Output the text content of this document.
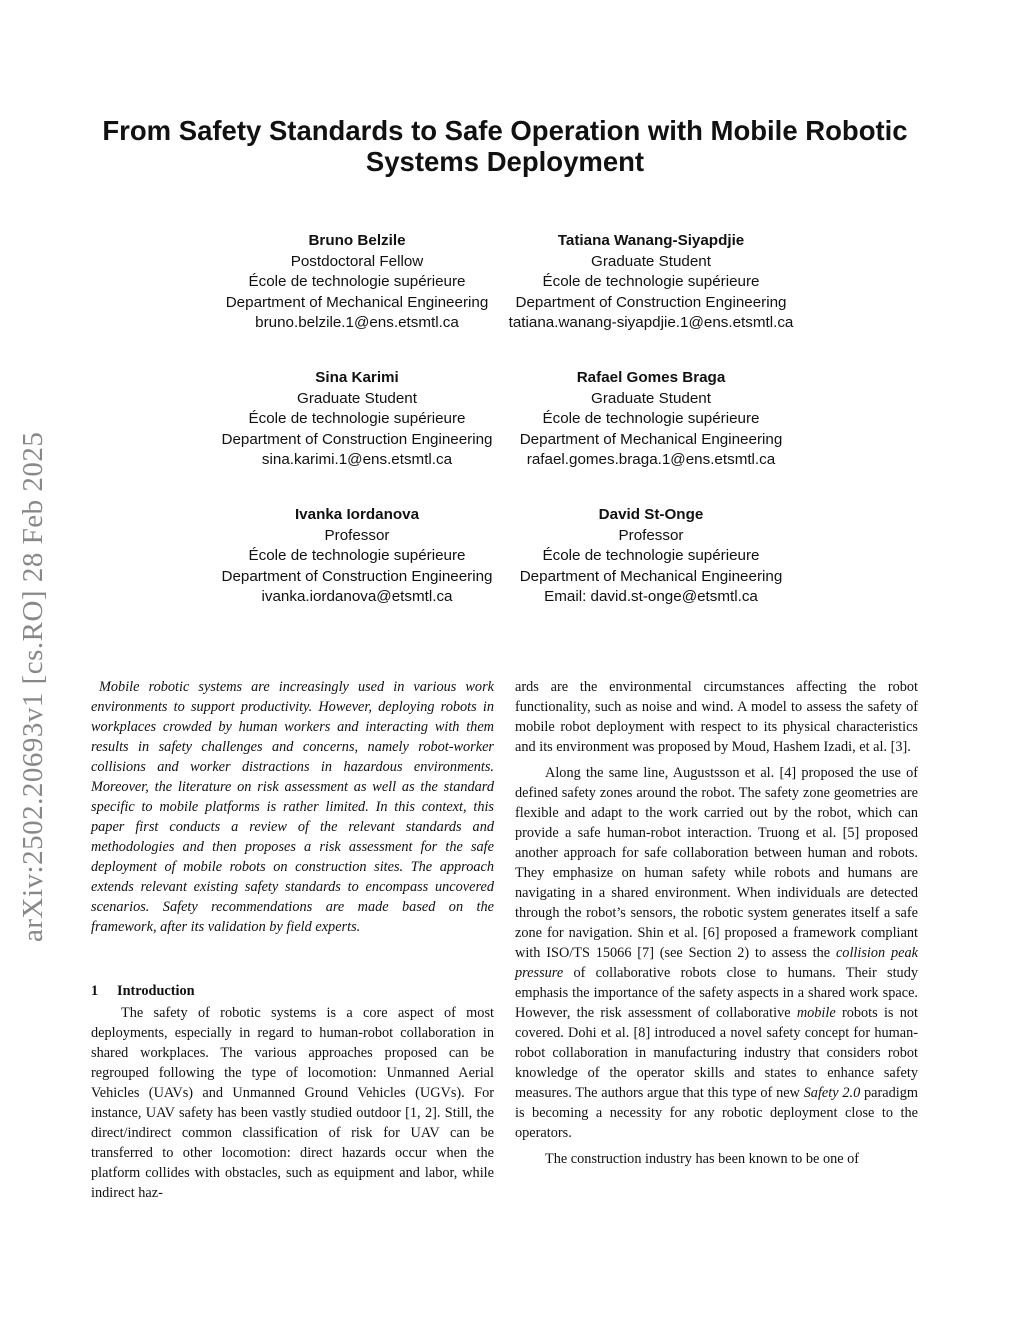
arXiv:2502.20693v1 [cs.RO] 28 Feb 2025
From Safety Standards to Safe Operation with Mobile Robotic Systems Deployment
Bruno Belzile
Postdoctoral Fellow
École de technologie supérieure
Department of Mechanical Engineering
bruno.belzile.1@ens.etsmtl.ca
Tatiana Wanang-Siyapdjie
Graduate Student
École de technologie supérieure
Department of Construction Engineering
tatiana.wanang-siyapdjie.1@ens.etsmtl.ca
Sina Karimi
Graduate Student
École de technologie supérieure
Department of Construction Engineering
sina.karimi.1@ens.etsmtl.ca
Rafael Gomes Braga
Graduate Student
École de technologie supérieure
Department of Mechanical Engineering
rafael.gomes.braga.1@ens.etsmtl.ca
Ivanka Iordanova
Professor
École de technologie supérieure
Department of Construction Engineering
ivanka.iordanova@etsmtl.ca
David St-Onge
Professor
École de technologie supérieure
Department of Mechanical Engineering
Email: david.st-onge@etsmtl.ca

Mobile robotic systems are increasingly used in various work environments to support productivity. However, deploying robots in workplaces crowded by human workers and interacting with them results in safety challenges and concerns, namely robot-worker collisions and worker distractions in hazardous environments. Moreover, the literature on risk assessment as well as the standard specific to mobile platforms is rather limited. In this context, this paper first conducts a review of the relevant standards and methodologies and then proposes a risk assessment for the safe deployment of mobile robots on construction sites. The approach extends relevant existing safety standards to encompass uncovered scenarios. Safety recommendations are made based on the framework, after its validation by field experts.

1 Introduction

The safety of robotic systems is a core aspect of most deployments, especially in regard to human-robot collaboration in shared workplaces. The various approaches proposed can be regrouped following the type of locomotion: Unmanned Aerial Vehicles (UAVs) and Unmanned Ground Vehicles (UGVs). For instance, UAV safety has been vastly studied outdoor [1, 2]. Still, the direct/indirect common classification of risk for UAV can be transferred to other locomotion: direct hazards occur when the platform collides with obstacles, such as equipment and labor, while indirect haz-

ards are the environmental circumstances affecting the robot functionality, such as noise and wind. A model to assess the safety of mobile robot deployment with respect to its physical characteristics and its environment was proposed by Moud, Hashem Izadi, et al. [3].

Along the same line, Augustsson et al. [4] proposed the use of defined safety zones around the robot. The safety zone geometries are flexible and adapt to the work carried out by the robot, which can provide a safe human-robot interaction. Truong et al. [5] proposed another approach for safe collaboration between human and robots. They emphasize on human safety while robots and humans are navigating in a shared environment. When individuals are detected through the robot’s sensors, the robotic system generates itself a safe zone for navigation. Shin et al. [6] proposed a framework compliant with ISO/TS 15066 [7] (see Section 2) to assess the collision peak pressure of collaborative robots close to humans. Their study emphasis the importance of the safety aspects in a shared work space. However, the risk assessment of collaborative mobile robots is not covered. Dohi et al. [8] introduced a novel safety concept for human-robot collaboration in manufacturing industry that considers robot knowledge of the operator skills and states to enhance safety measures. The authors argue that this type of new Safety 2.0 paradigm is becoming a necessity for any robotic deployment close to the operators.

The construction industry has been known to be one of
